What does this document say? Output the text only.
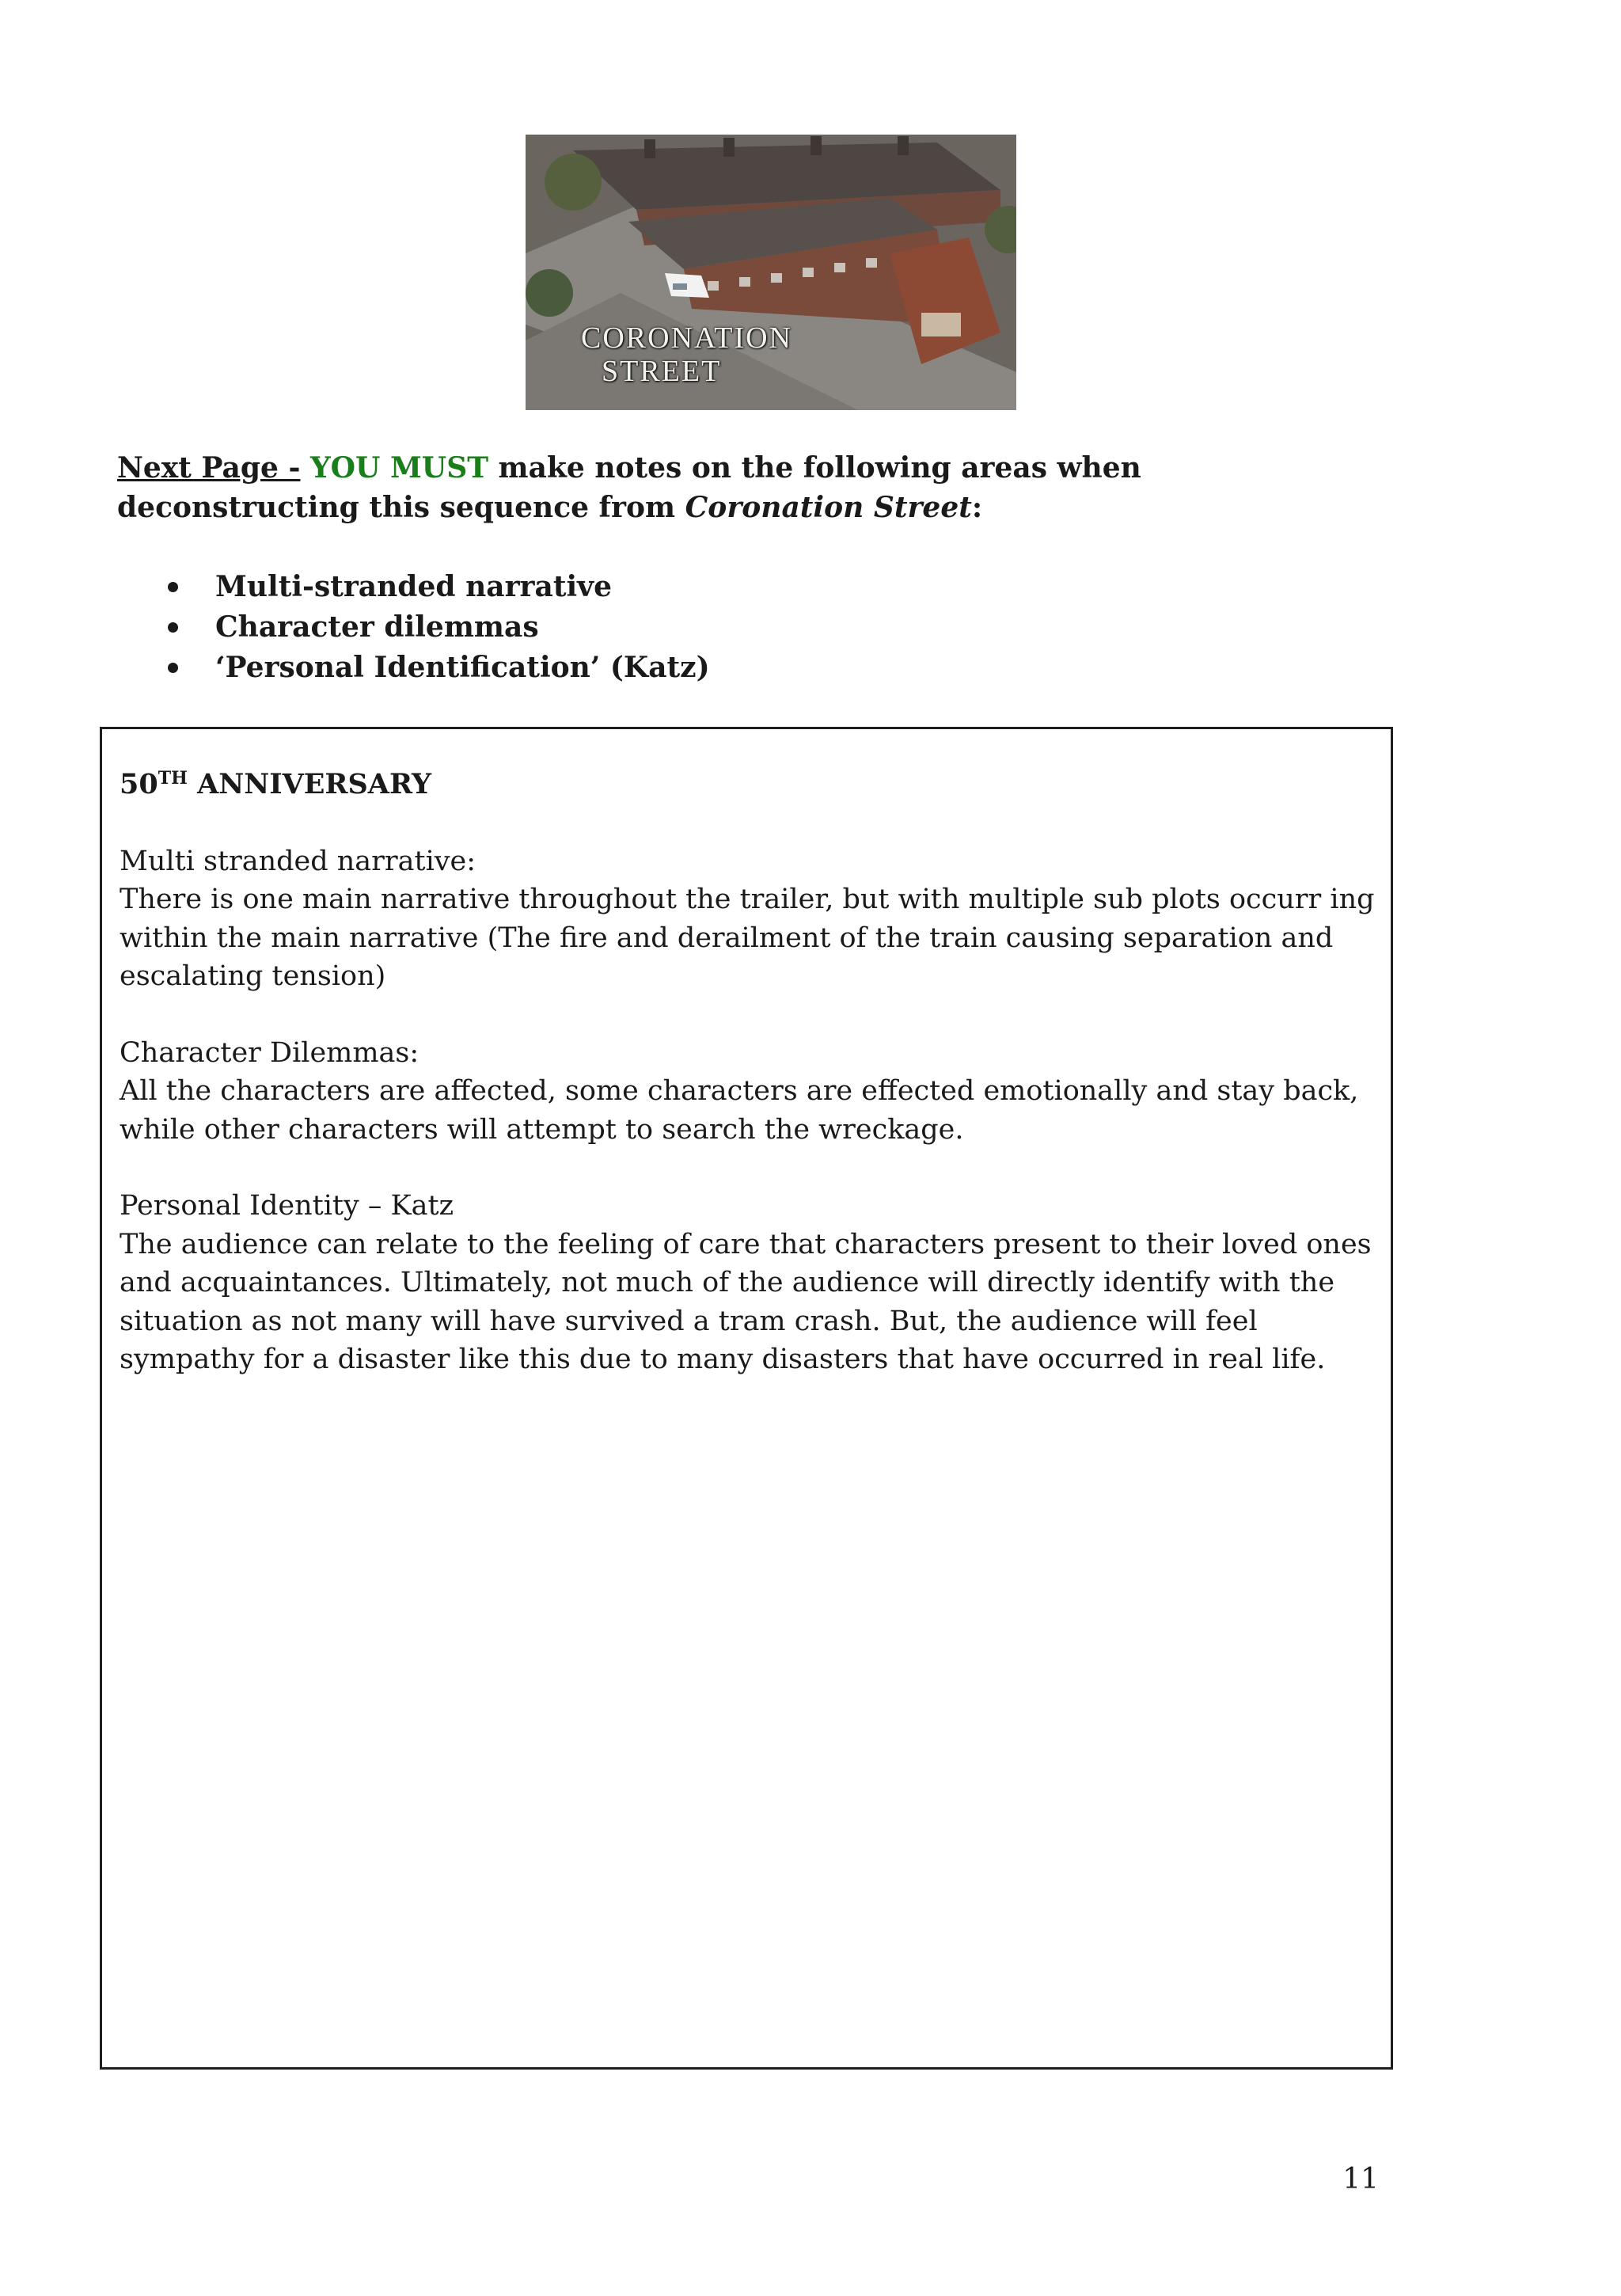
CORONATION
STREET
Next Page - YOU MUST make notes on the following areas when deconstructing this sequence from Coronation Street:
Multi-stranded narrative
Character dilemmas
‘Personal Identification’ (Katz)
50TH ANNIVERSARY

Multi stranded narrative:

There is one main narrative throughout the trailer, but with multiple sub plots occurr ing within the main narrative (The fire and derailment of the train causing separation and escalating tension)

Character Dilemmas:

All the characters are affected, some characters are effected emotionally and stay back, while other characters will attempt to search the wreckage.

Personal Identity – Katz

The audience can relate to the feeling of care that characters present to their loved ones and acquaintances. Ultimately, not much of the audience will directly identify with the situation as not many will have survived a tram crash. But, the audience will feel sympathy for a disaster like this due to many disasters that have occurred in real life.

11
